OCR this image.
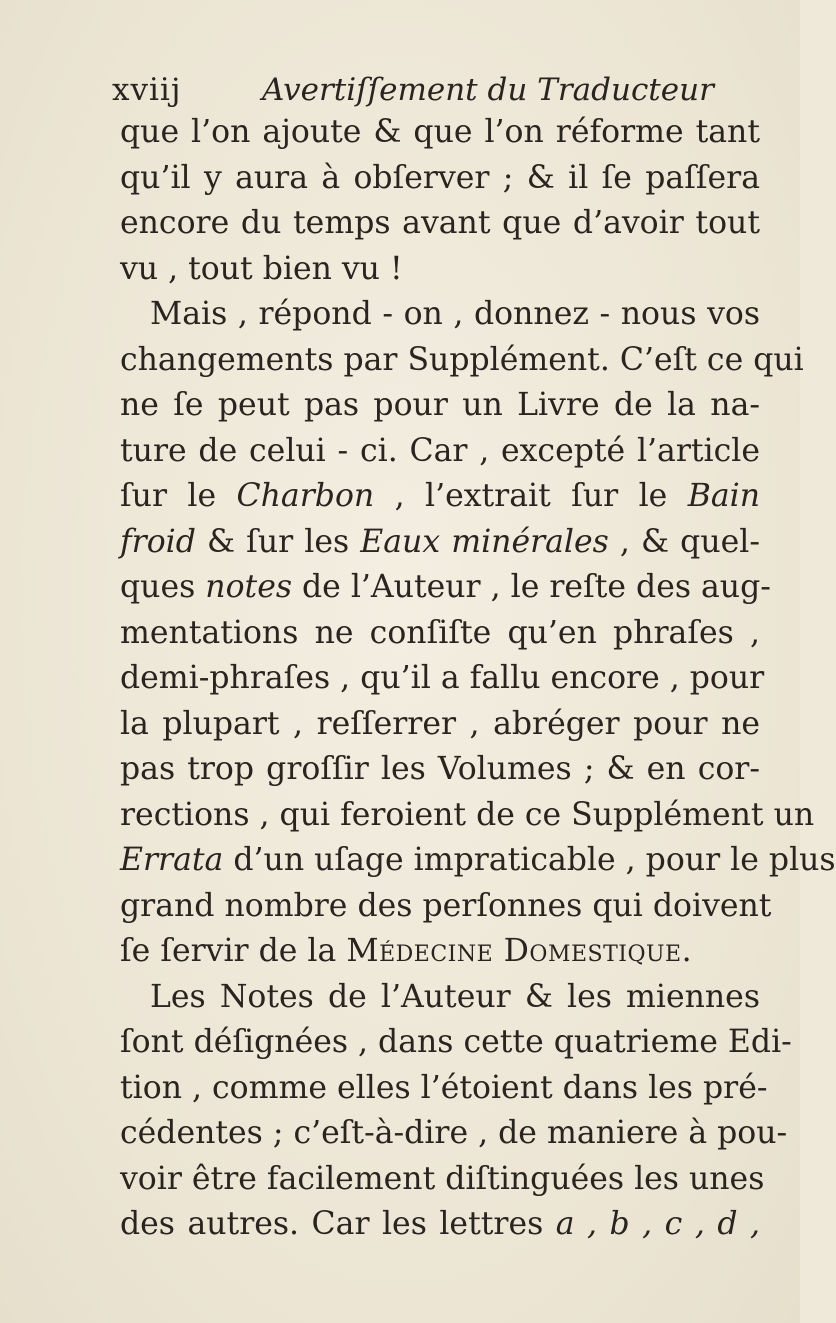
xviij	Avertiſſement du Traducteur
que l’on ajoute & que l’on réforme tant
qu’il y aura à obſerver ; & il ſe paſſera
encore du temps avant que d’avoir tout
vu , tout bien vu !
Mais , répond - on , donnez - nous vos
changements par Supplément. C’eſt ce qui
ne ſe peut pas pour un Livre de la na-
ture de celui - ci. Car , excepté l’article
ſur le Charbon , l’extrait ſur le Bain
froid & ſur les Eaux minérales , & quel-
ques notes de l’Auteur , le reſte des aug-
mentations ne conſiſte qu’en phraſes ,
demi-phraſes , qu’il a fallu encore , pour
la plupart , reſſerrer , abréger pour ne
pas trop groſſir les Volumes ; & en cor-
rections , qui feroient de ce Supplément un
Errata d’un uſage impraticable , pour le plus
grand nombre des perſonnes qui doivent
ſe ſervir de la Médecine Domestique.
Les Notes de l’Auteur & les miennes
ſont déſignées , dans cette quatrieme Edi-
tion , comme elles l’étoient dans les pré-
cédentes ; c’eſt-à-dire , de maniere à pou-
voir être facilement diſtinguées les unes
des autres. Car les lettres a , b , c , d ,
